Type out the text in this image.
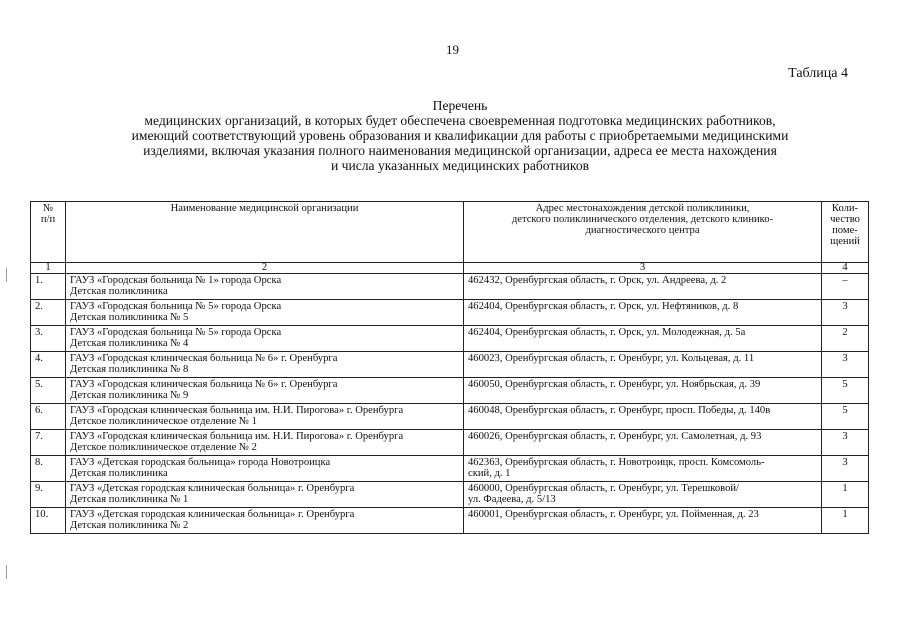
19
Таблица 4
Перечень
медицинских организаций, в которых будет обеспечена своевременная подготовка медицинских работников,
имеющий соответствующий уровень образования и квалификации для работы с приобретаемыми медицинскими
изделиями, включая указания полного наименования медицинской организации, адреса ее места нахождения
и числа указанных медицинских работников
№
п/п	Наименование медицинской организации	Адрес местонахождения детской поликлиники,
детского поликлинического отделения, детского клинико-
диагностического центра	Коли-
чество
поме-
щений

1	2	3	4
1.	ГАУЗ «Городская больница № 1» города Орска
Детская поликлиника	462432, Оренбургская область, г. Орск, ул. Андреева, д. 2	–
2.	ГАУЗ «Городская больница № 5» города Орска
Детская поликлиника № 5	462404, Оренбургская область, г. Орск, ул. Нефтяников, д. 8	3
3.	ГАУЗ «Городская больница № 5» города Орска
Детская поликлиника № 4	462404, Оренбургская область, г. Орск, ул. Молодежная, д. 5а	2
4.	ГАУЗ «Городская клиническая больница № 6» г. Оренбурга
Детская поликлиника № 8	460023, Оренбургская область, г. Оренбург, ул. Кольцевая, д. 11	3
5.	ГАУЗ «Городская клиническая больница № 6» г. Оренбурга
Детская поликлиника № 9	460050, Оренбургская область, г. Оренбург, ул. Ноябрьская, д. 39	5
6.	ГАУЗ «Городская клиническая больница им. Н.И. Пирогова» г. Оренбурга
Детское поликлиническое отделение № 1	460048, Оренбургская область, г. Оренбург, просп. Победы, д. 140в	5
7.	ГАУЗ «Городская клиническая больница им. Н.И. Пирогова» г. Оренбурга
Детское поликлиническое отделение № 2	460026, Оренбургская область, г. Оренбург, ул. Самолетная, д. 93	3
8.	ГАУЗ «Детская городская больница» города Новотроицка
Детская поликлиника	462363, Оренбургская область, г. Новотроицк, просп. Комсомоль-
ский, д. 1	3
9.	ГАУЗ «Детская городская клиническая больница» г. Оренбурга
Детская поликлиника № 1	460000, Оренбургская область, г. Оренбург, ул. Терешковой/
ул. Фадеева, д. 5/13	1
10.	ГАУЗ «Детская городская клиническая больница» г. Оренбурга
Детская поликлиника № 2	460001, Оренбургская область, г. Оренбург, ул. Пойменная, д. 23	1
